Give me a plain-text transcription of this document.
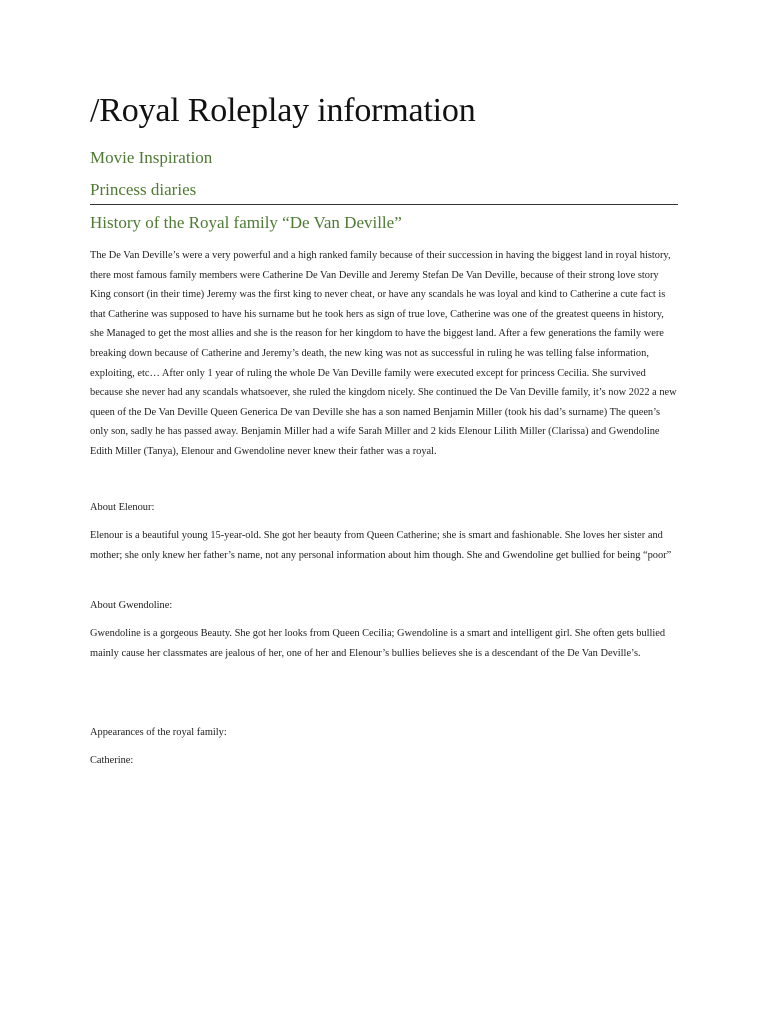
/Royal Roleplay information
Movie Inspiration
Princess diaries
History of the Royal family “De Van Deville”

The De Van Deville’s were a very powerful and a high ranked family because of their succession in having the biggest land in royal history, there most famous family members were Catherine De Van Deville and Jeremy Stefan De Van Deville, because of their strong love story King consort (in their time) Jeremy was the first king to never cheat, or have any scandals he was loyal and kind to Catherine a cute fact is that Catherine was supposed to have his surname but he took hers as sign of true love, Catherine was one of the greatest queens in history, she Managed to get the most allies and she is the reason for her kingdom to have the biggest land. After a few generations the family were breaking down because of Catherine and Jeremy’s death, the new king was not as successful in ruling he was telling false information, exploiting, etc… After only 1 year of ruling the whole De Van Deville family were executed except for princess Cecilia. She survived because she never had any scandals whatsoever, she ruled the kingdom nicely. She continued the De Van Deville family, it’s now 2022 a new queen of the De Van Deville Queen Generica De van Deville she has a son named Benjamin Miller (took his dad’s surname) The queen’s only son, sadly he has passed away. Benjamin Miller had a wife Sarah Miller and 2 kids Elenour Lilith Miller (Clarissa) and Gwendoline Edith Miller (Tanya), Elenour and Gwendoline never knew their father was a royal.

About Elenour:

Elenour is a beautiful young 15-year-old. She got her beauty from Queen Catherine; she is smart and fashionable. She loves her sister and mother; she only knew her father’s name, not any personal information about him though. She and Gwendoline get bullied for being “poor”

About Gwendoline:

Gwendoline is a gorgeous Beauty. She got her looks from Queen Cecilia; Gwendoline is a smart and intelligent girl. She often gets bullied mainly cause her classmates are jealous of her, one of her and Elenour’s bullies believes she is a descendant of the De Van Deville’s.

Appearances of the royal family:

Catherine:
